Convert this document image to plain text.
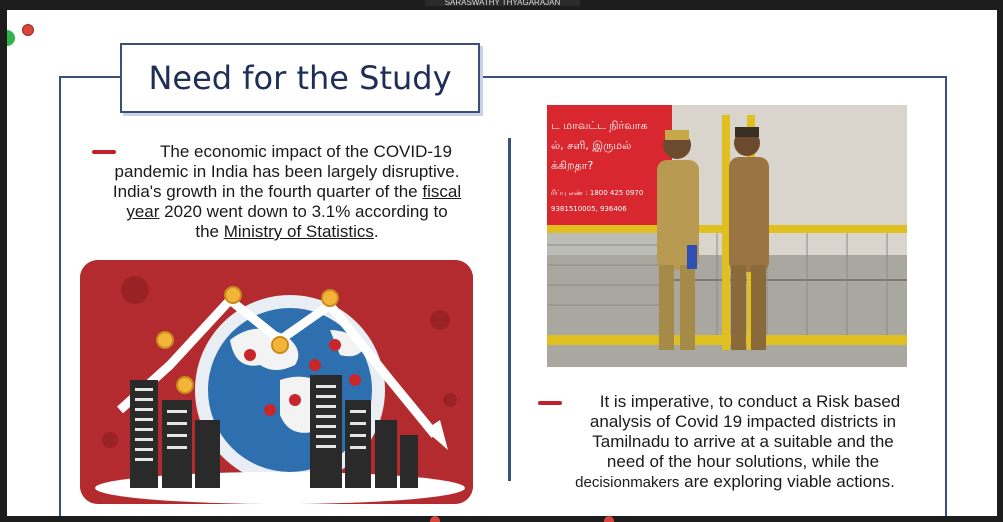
SARASWATHY THYAGARAJAN
Need for the Study
The economic impact of the COVID-19
pandemic in India has been largely disruptive.
India's growth in the fourth quarter of the fiscal
year 2020 went down to 3.1% according to
the Ministry of Statistics.
ட மாவட்ட நிர்வாக
ல், சளி, இருமல்
க்கிறதா?
ரிப்பு எண் : 1800 425 0970
9381510005, 936406
It is imperative, to conduct a Risk based
analysis of Covid 19 impacted districts in
Tamilnadu to arrive at a suitable and the
need of the hour solutions, while the
decisionmakers are exploring viable actions.
